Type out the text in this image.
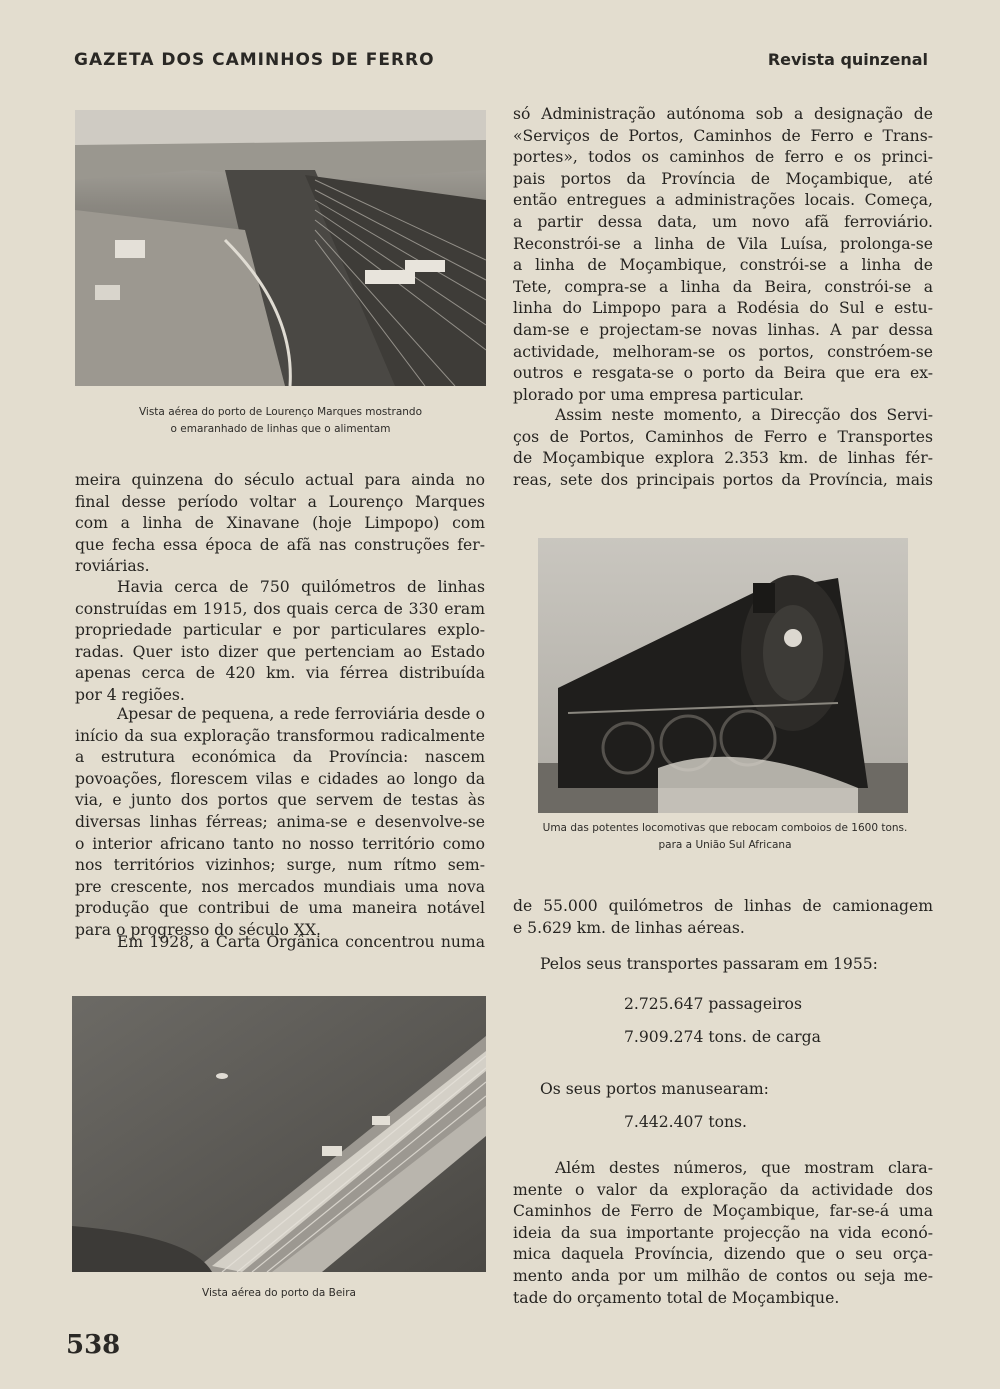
GAZETA DOS CAMINHOS DE FERRO	Revista quinzenal
Vista aérea do porto de Lourenço Marques mostrando
o emaranhado de linhas que o alimentam
meira quinzena do século actual para ainda no
final desse período voltar a Lourenço Marques
com a linha de Xinavane (hoje Limpopo) com
que fecha essa época de afã nas construções fer-
roviárias.
Havia cerca de 750 quilómetros de linhas
construídas em 1915, dos quais cerca de 330 eram
propriedade particular e por particulares explo-
radas. Quer isto dizer que pertenciam ao Estado
apenas cerca de 420 km. via férrea distribuída
por 4 regiões.
Apesar de pequena, a rede ferroviária desde o
início da sua exploração transformou radicalmente
a estrutura económica da Província: nascem
povoações, florescem vilas e cidades ao longo da
via, e junto dos portos que servem de testas às
diversas linhas férreas; anima-se e desenvolve-se
o interior africano tanto no nosso território como
nos territórios vizinhos; surge, num rítmo sem-
pre crescente, nos mercados mundiais uma nova
produção que contribui de uma maneira notável
para o progresso do século XX.
Em 1928, a Carta Orgânica concentrou numa
Vista aérea do porto da Beira
só Administração autónoma sob a designação de
«Serviços de Portos, Caminhos de Ferro e Trans-
portes», todos os caminhos de ferro e os princi-
pais portos da Província de Moçambique, até
então entregues a administrações locais. Começa,
a partir dessa data, um novo afã ferroviário.
Reconstrói-se a linha de Vila Luísa, prolonga-se
a linha de Moçambique, constrói-se a linha de
Tete, compra-se a linha da Beira, constrói-se a
linha do Limpopo para a Rodésia do Sul e estu-
dam-se e projectam-se novas linhas. A par dessa
actividade, melhoram-se os portos, constróem-se
outros e resgata-se o porto da Beira que era ex-
plorado por uma empresa particular.
Assim neste momento, a Direcção dos Servi-
ços de Portos, Caminhos de Ferro e Transportes
de Moçambique explora 2.353 km. de linhas fér-
reas, sete dos principais portos da Província, mais
Uma das potentes locomotivas que rebocam comboios de 1600 tons.
para a União Sul Africana
de 55.000 quilómetros de linhas de camionagem
e 5.629 km. de linhas aéreas.
Pelos seus transportes passaram em 1955:
2.725.647 passageiros
7.909.274 tons. de carga
Os seus portos manusearam:
7.442.407 tons.
Além destes números, que mostram clara-
mente o valor da exploração da actividade dos
Caminhos de Ferro de Moçambique, far-se-á uma
ideia da sua importante projecção na vida econó-
mica daquela Província, dizendo que o seu orça-
mento anda por um milhão de contos ou seja me-
tade do orçamento total de Moçambique.
538
